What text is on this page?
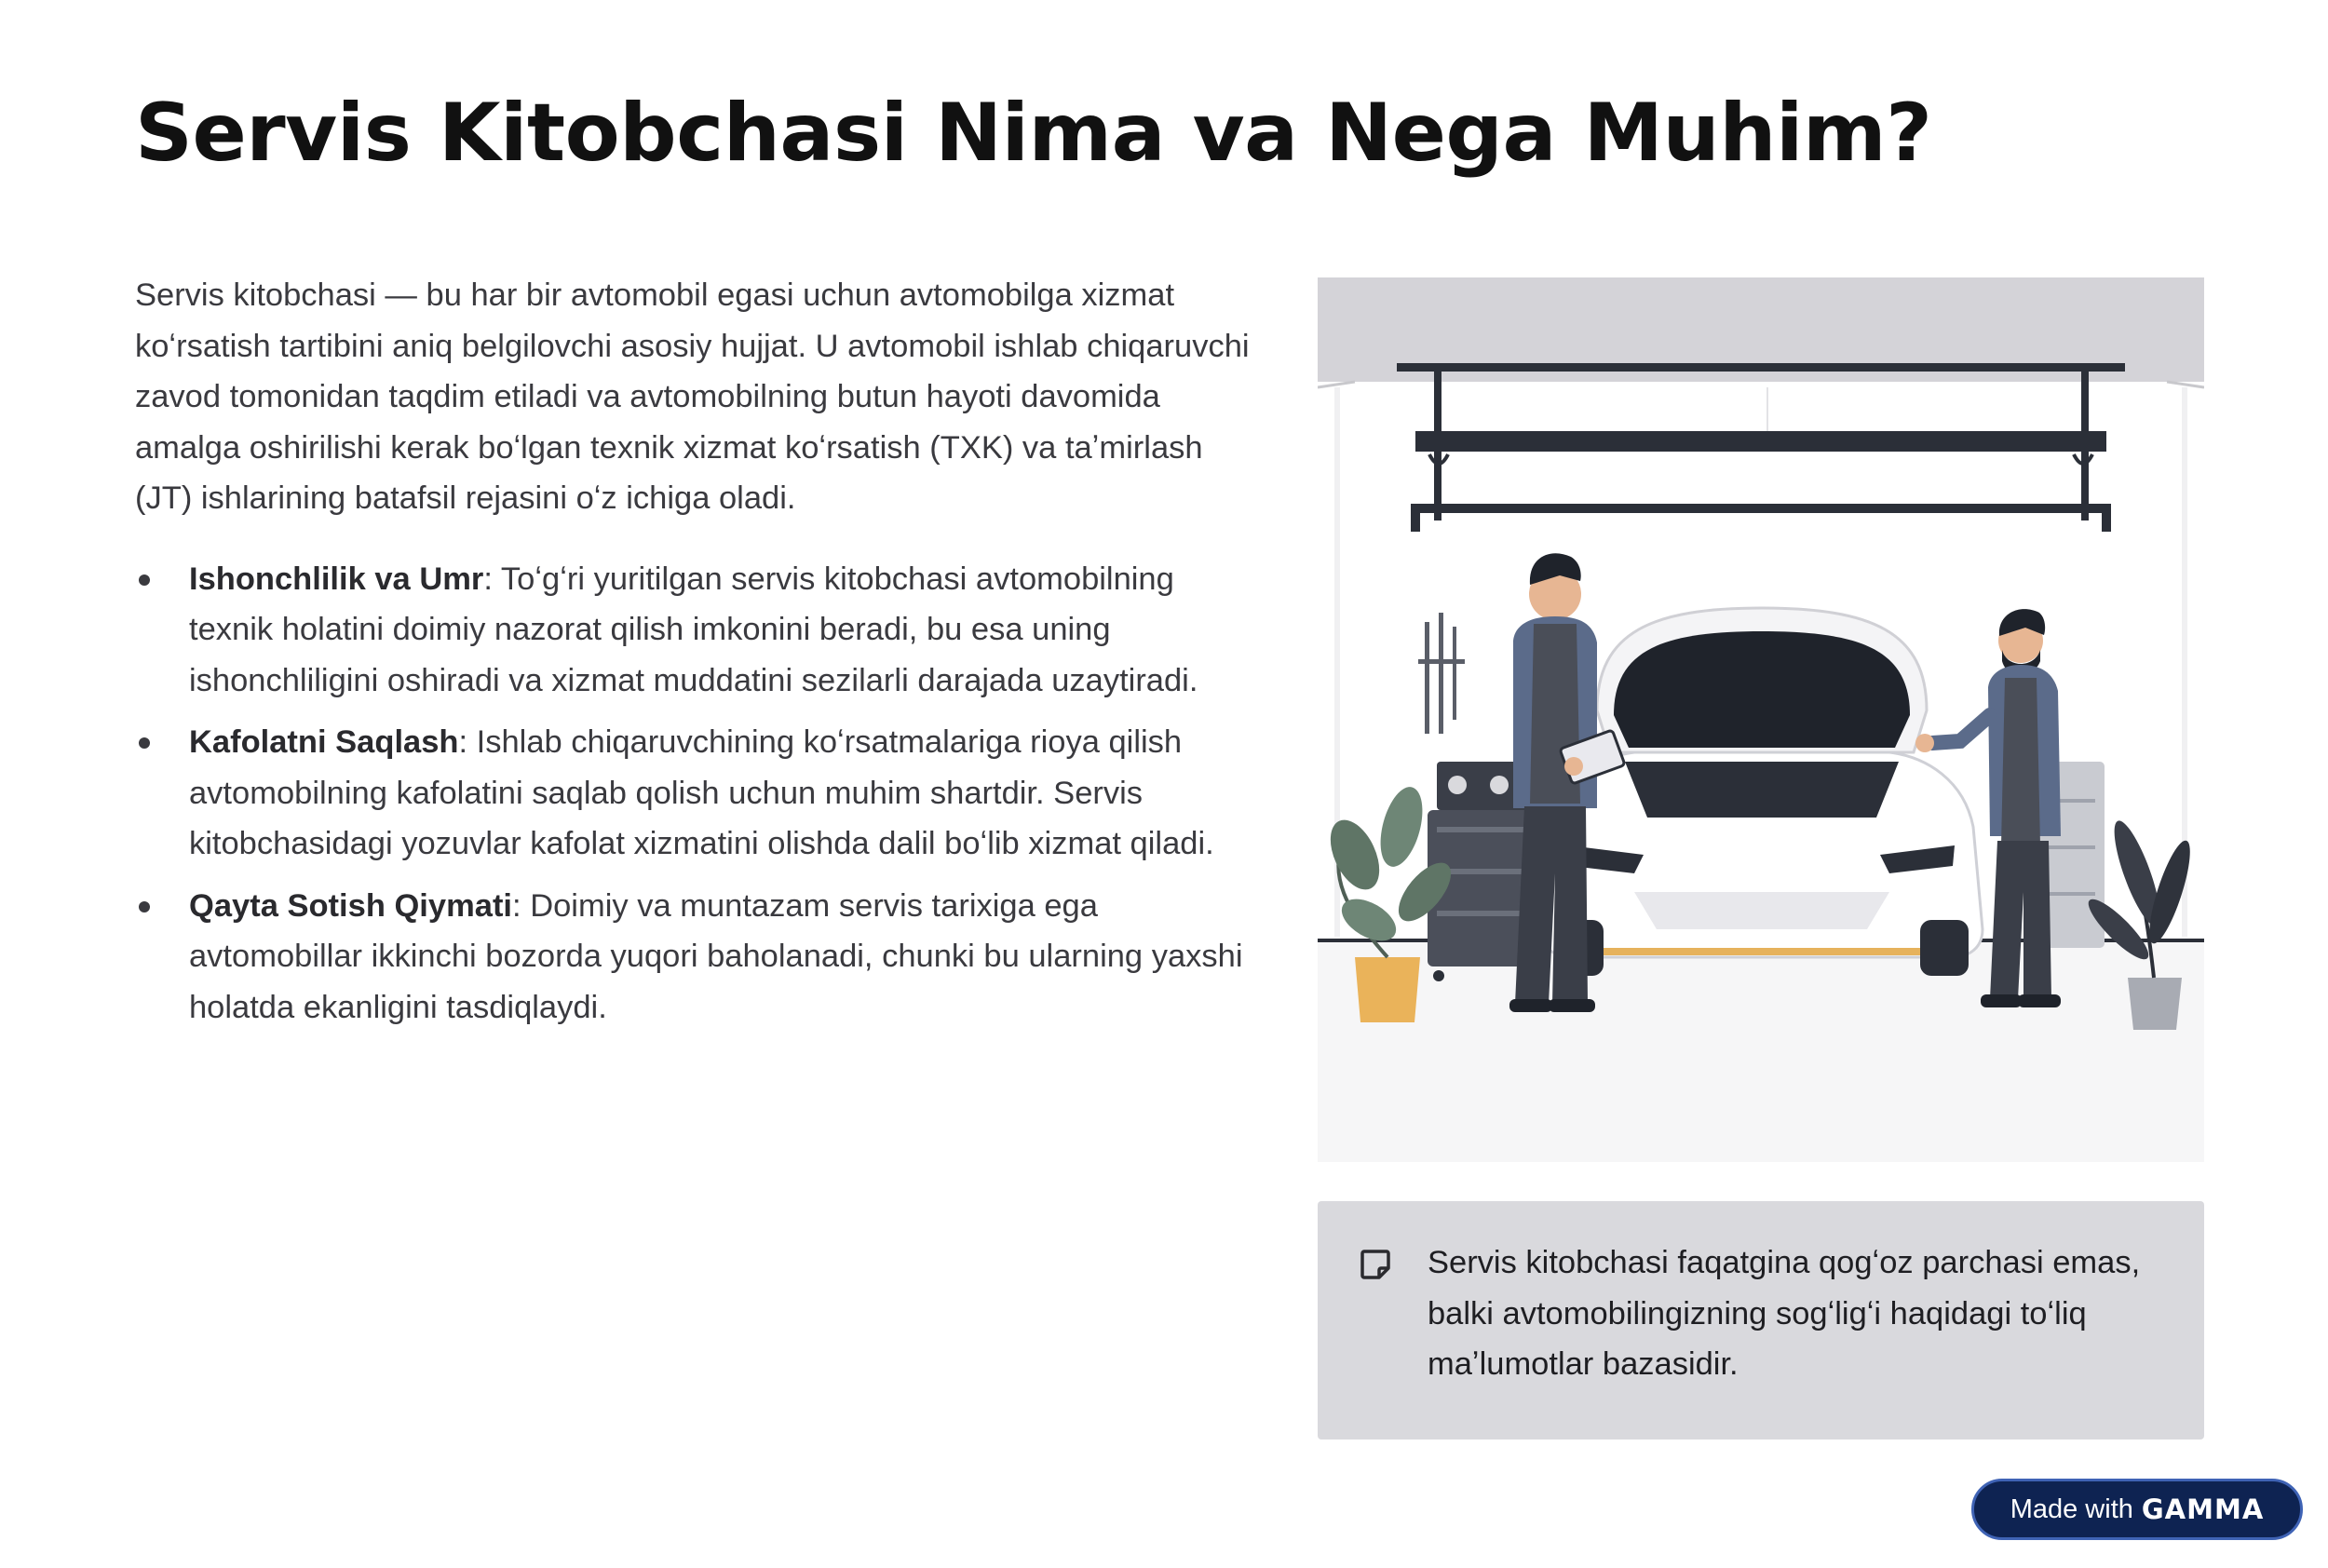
Servis Kitobchasi Nima va Nega Muhim?

Servis kitobchasi — bu har bir avtomobil egasi uchun avtomobilga xizmat koʻrsatish tartibini aniq belgilovchi asosiy hujjat. U avtomobil ishlab chiqaruvchi zavod tomonidan taqdim etiladi va avtomobilning butun hayoti davomida amalga oshirilishi kerak boʻlgan texnik xizmat koʻrsatish (TXK) va taʼmirlash (JT) ishlarining batafsil rejasini oʻz ichiga oladi.

Ishonchlilik va Umr: Toʻgʻri yuritilgan servis kitobchasi avtomobilning texnik holatini doimiy nazorat qilish imkonini beradi, bu esa uning ishonchliligini oshiradi va xizmat muddatini sezilarli darajada uzaytiradi.
Kafolatni Saqlash: Ishlab chiqaruvchining koʻrsatmalariga rioya qilish avtomobilning kafolatini saqlab qolish uchun muhim shartdir. Servis kitobchasidagi yozuvlar kafolat xizmatini olishda dalil boʻlib xizmat qiladi.
Qayta Sotish Qiymati: Doimiy va muntazam servis tarixiga ega avtomobillar ikkinchi bozorda yuqori baholanadi, chunki bu ularning yaxshi holatda ekanligini tasdiqlaydi.
Servis kitobchasi faqatgina qogʻoz parchasi emas, balki avtomobilingizning sogʻligʻi haqidagi toʻliq maʼlumotlar bazasidir.
Made with GAMMA
